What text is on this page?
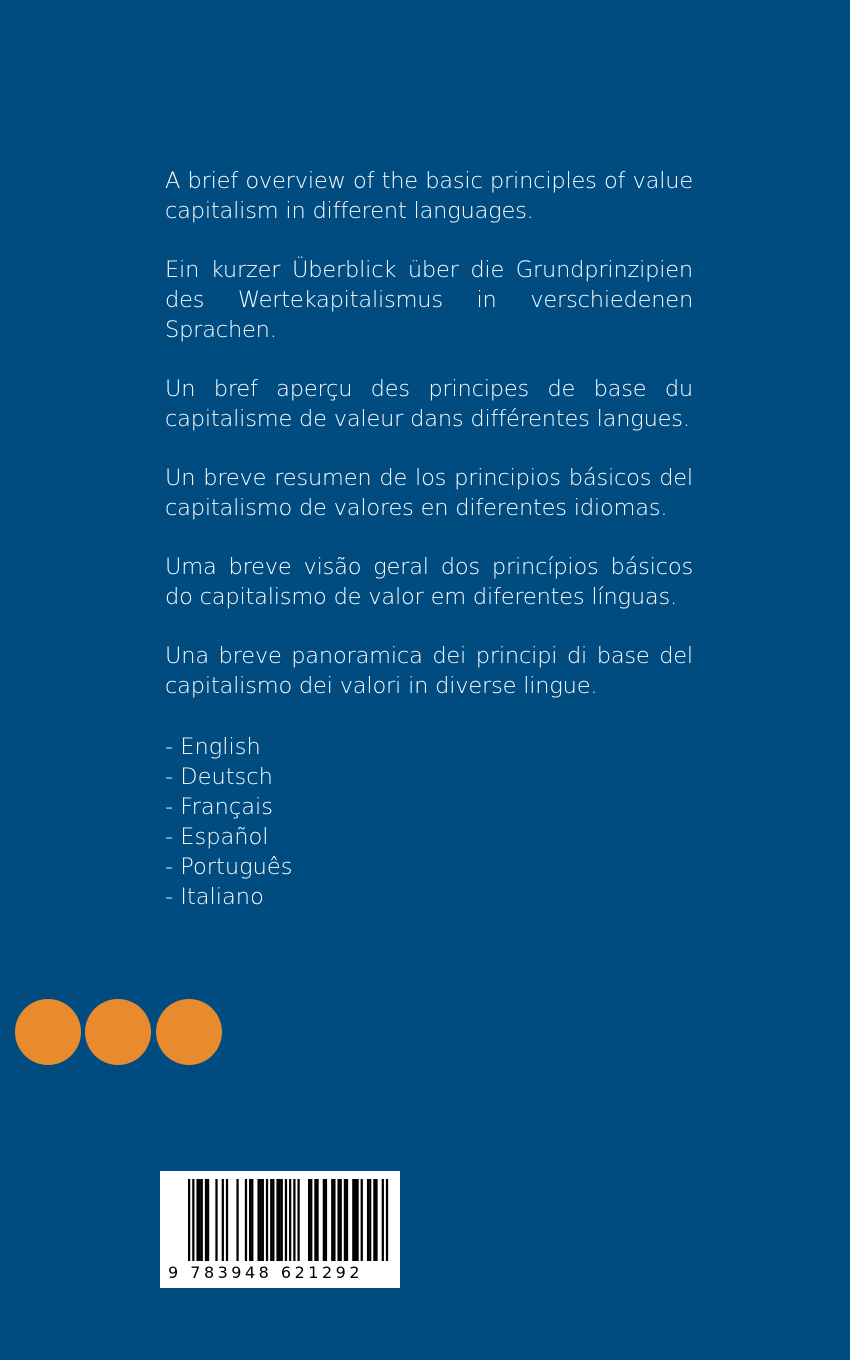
A brief overview of the basic principles of value capitalism in different languages.

Ein kurzer Überblick über die Grundprinzipien des Wertekapitalismus in verschiedenen Sprachen.

Un bref aperçu des principes de base du capitalisme de valeur dans différentes langues.

Un breve resumen de los principios básicos del capitalismo de valores en diferentes idiomas.

Uma breve visão geral dos princípios básicos do capitalismo de valor em diferentes línguas.

Una breve panoramica dei principi di base del capitalismo dei valori in diverse lingue.

- English
- Deutsch
- Français
- Español
- Português
- Italiano
9 783948 621292
